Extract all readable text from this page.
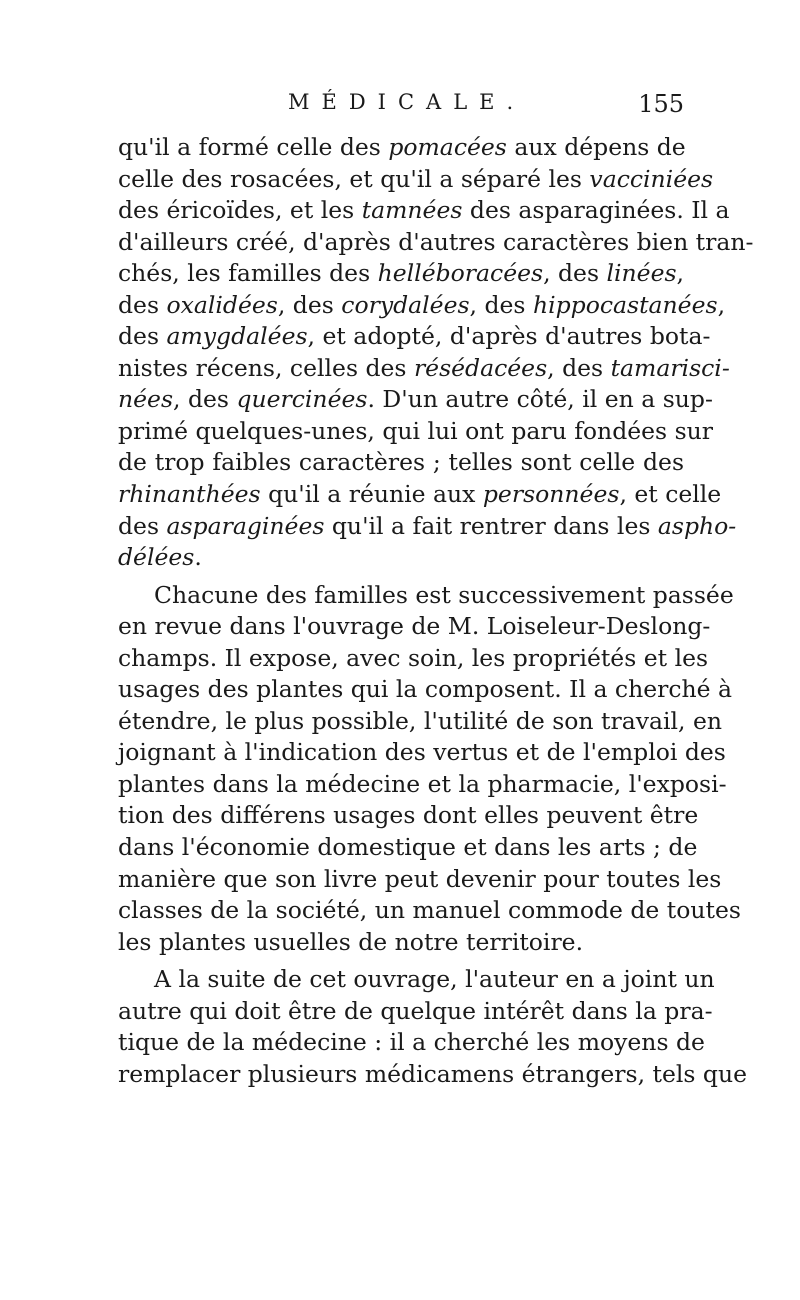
MÉDICALE.	155
qu'il a formé celle des pomacées aux dépens de
celle des rosacées, et qu'il a séparé les vacciniées
des éricoïdes, et les tamnées des asparaginées. Il a
d'ailleurs créé, d'après d'autres caractères bien tran-
chés, les familles des helléboracées, des linées,
des oxalidées, des corydalées, des hippocastanées,
des amygdalées, et adopté, d'après d'autres bota-
nistes récens, celles des résédacées, des tamarisci-
nées, des quercinées. D'un autre côté, il en a sup-
primé quelques-unes, qui lui ont paru fondées sur
de trop faibles caractères ; telles sont celle des
rhinanthées qu'il a réunie aux personnées, et celle
des asparaginées qu'il a fait rentrer dans les aspho-
délées.
Chacune des familles est successivement passée
en revue dans l'ouvrage de M. Loiseleur-Deslong-
champs. Il expose, avec soin, les propriétés et les
usages des plantes qui la composent. Il a cherché à
étendre, le plus possible, l'utilité de son travail, en
joignant à l'indication des vertus et de l'emploi des
plantes dans la médecine et la pharmacie, l'exposi-
tion des différens usages dont elles peuvent être
dans l'économie domestique et dans les arts ; de
manière que son livre peut devenir pour toutes les
classes de la société, un manuel commode de toutes
les plantes usuelles de notre territoire.
A la suite de cet ouvrage, l'auteur en a joint un
autre qui doit être de quelque intérêt dans la pra-
tique de la médecine : il a cherché les moyens de
remplacer plusieurs médicamens étrangers, tels que
